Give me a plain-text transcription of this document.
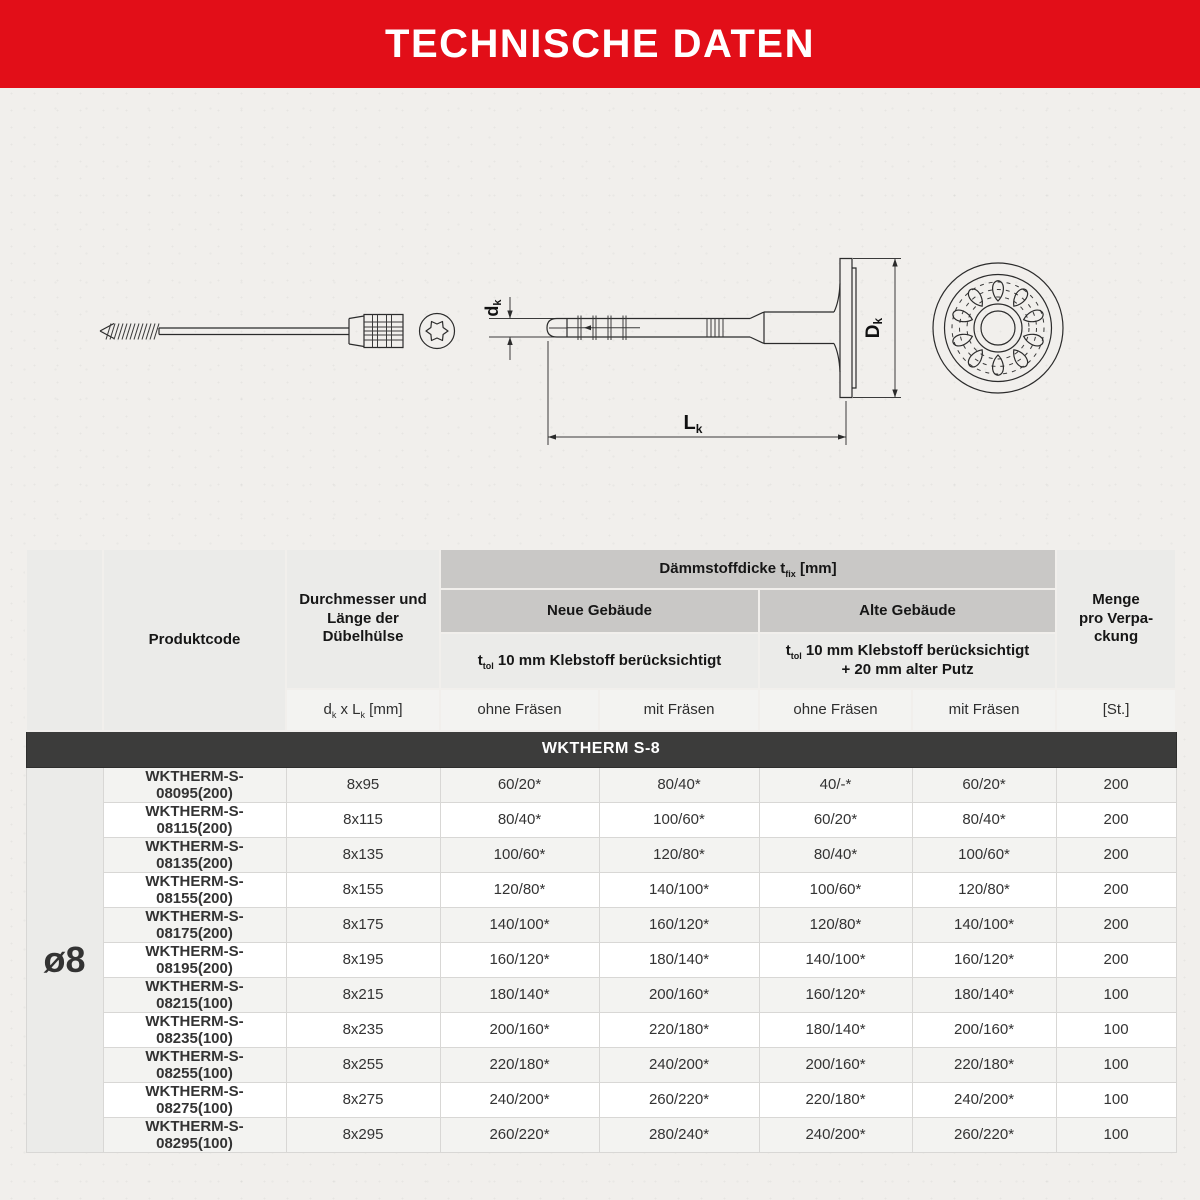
TECHNISCHE DATEN
dk
Dk
$L_k$
	Produktcode	Durchmesser und Länge der Dübelhülse	Dämmstoffdicke $t_{fix}$ [mm]				Menge
pro Verpa-
ckung

			Neue Gebäude		Alte Gebäude		
			$t_{tol}$ 10 mm Klebstoff berücksichtigt		$t_{tol}$ 10 mm Klebstoff berücksichtigt
+ 20 mm alter Putz		

		$d_k$ x $L_k$ [mm]	ohne Fräsen	mit Fräsen	ohne Fräsen	mit Fräsen	[St.]
WKTHERM S-8							
ø8	WKTHERM-S-08095(200)	8x95	60/20*	80/40*	40/-*	60/20*	200
	WKTHERM-S-08115(200)	8x115	80/40*	100/60*	60/20*	80/40*	200
	WKTHERM-S-08135(200)	8x135	100/60*	120/80*	80/40*	100/60*	200
	WKTHERM-S-08155(200)	8x155	120/80*	140/100*	100/60*	120/80*	200
	WKTHERM-S-08175(200)	8x175	140/100*	160/120*	120/80*	140/100*	200
	WKTHERM-S-08195(200)	8x195	160/120*	180/140*	140/100*	160/120*	200
	WKTHERM-S-08215(100)	8x215	180/140*	200/160*	160/120*	180/140*	100
	WKTHERM-S-08235(100)	8x235	200/160*	220/180*	180/140*	200/160*	100
	WKTHERM-S-08255(100)	8x255	220/180*	240/200*	200/160*	220/180*	100
	WKTHERM-S-08275(100)	8x275	240/200*	260/220*	220/180*	240/200*	100
	WKTHERM-S-08295(100)	8x295	260/220*	280/240*	240/200*	260/220*	100
